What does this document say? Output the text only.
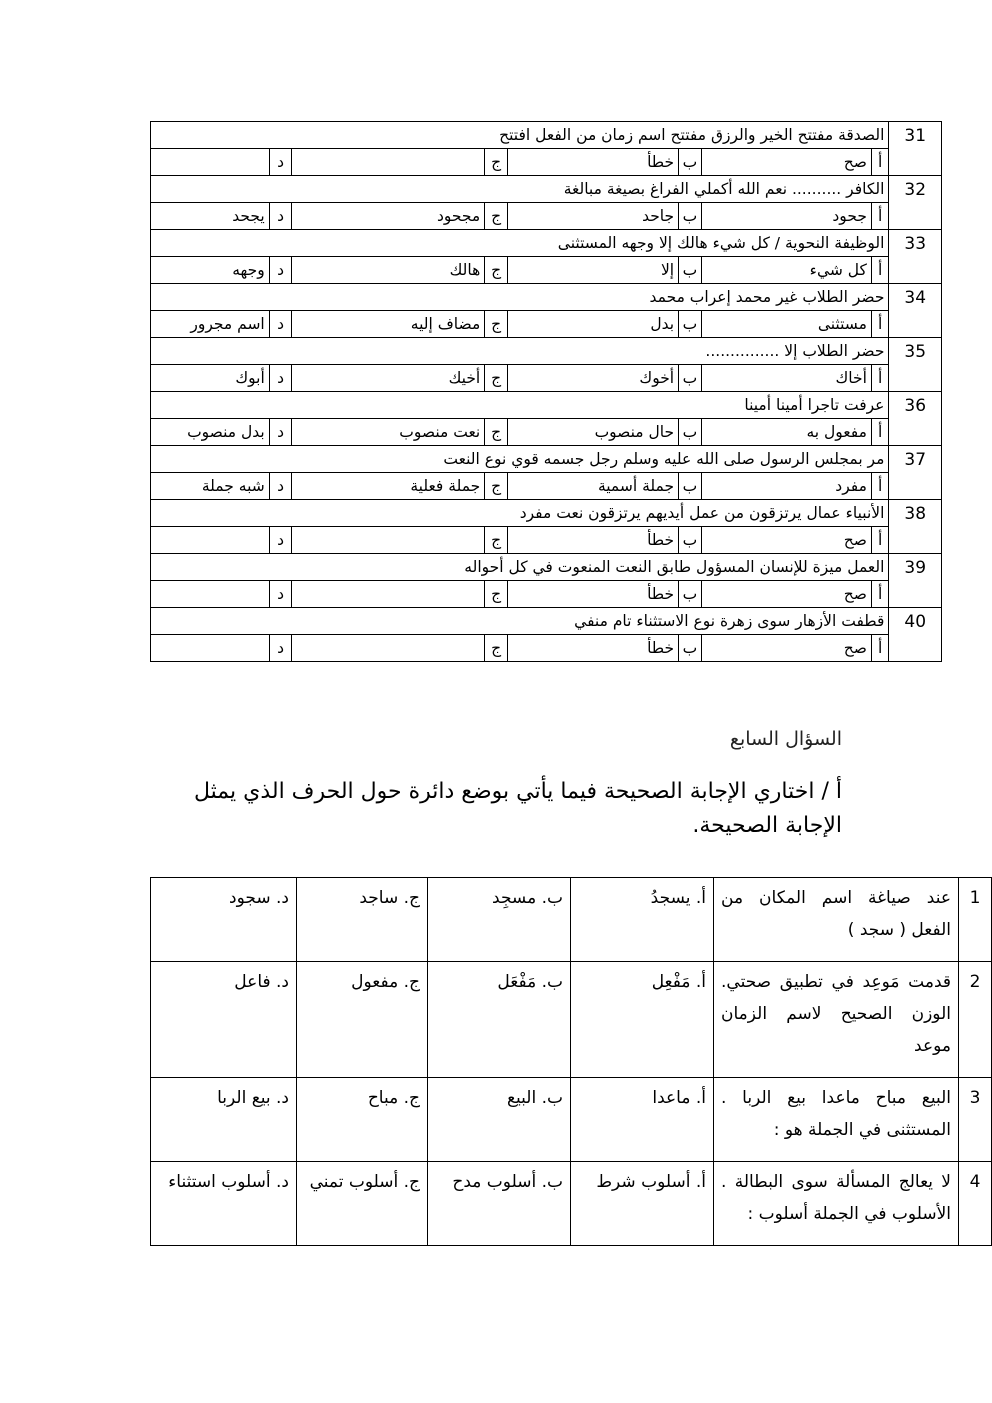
31	الصدقة مفتتح الخير والرزق مفتتح اسم زمان من الفعل افتتح							
	أ	صح	ب	خطأ	ج		د	
32	الكافر .......... نعم الله أكملي الفراغ بصيغة مبالغة							
	أ	جحود	ب	جاحد	ج	مجحود	د	يجحد
33	الوظيفة النحوية / كل شيء هالك إلا وجهه المستثنى							
	أ	كل شيء	ب	إلا	ج	هالك	د	وجهه
34	حضر الطلاب غير محمد إعراب محمد							
	أ	مستثنى	ب	بدل	ج	مضاف إليه	د	اسم مجرور
35	حضر الطلاب إلا ...............							
	أ	أخاك	ب	أخوك	ج	أخيك	د	أبوك
36	عرفت تاجرا أمينا أمينا							
	أ	مفعول به	ب	حال منصوب	ج	نعت منصوب	د	بدل منصوب
37	مر بمجلس الرسول صلى الله عليه وسلم رجل جسمه قوي نوع النعت							
	أ	مفرد	ب	جملة أسمية	ج	جملة فعلية	د	شبه جملة
38	الأنبياء عمال يرتزقون من عمل أيديهم يرتزقون نعت مفرد							
	أ	صح	ب	خطأ	ج		د	
39	العمل ميزة للإنسان المسؤول طابق النعت المنعوت في كل أحواله							
	أ	صح	ب	خطأ	ج		د	
40	قطفت الأزهار سوى زهرة نوع الاستثناء تام منفي							
	أ	صح	ب	خطأ	ج		د	
السؤال السابع
أ / اختاري الإجابة الصحيحة فيما يأتي بوضع دائرة حول الحرف الذي يمثل الإجابة الصحيحة.
1	عند صياغة اسم المكان من الفعل ( سجد )	أ. يسجدُ	ب. مسجِد	ج. ساجد	د. سجود
2	قدمت مَوعِد في تطبيق صحتي. الوزن الصحيح لاسم الزمان موعد	أ. مَفْعِل	ب. مَفْعَل	ج. مفعول	د. فاعل
3	البيع مباح ماعدا بيع الربا . المستثنى في الجملة هو :	أ. ماعدا	ب. البيع	ج. مباح	د. بيع الربا
4	لا يعالج المسألة سوى البطالة . الأسلوب في الجملة أسلوب :	أ. أسلوب شرط	ب. أسلوب مدح	ج. أسلوب تمني	د. أسلوب استثناء
